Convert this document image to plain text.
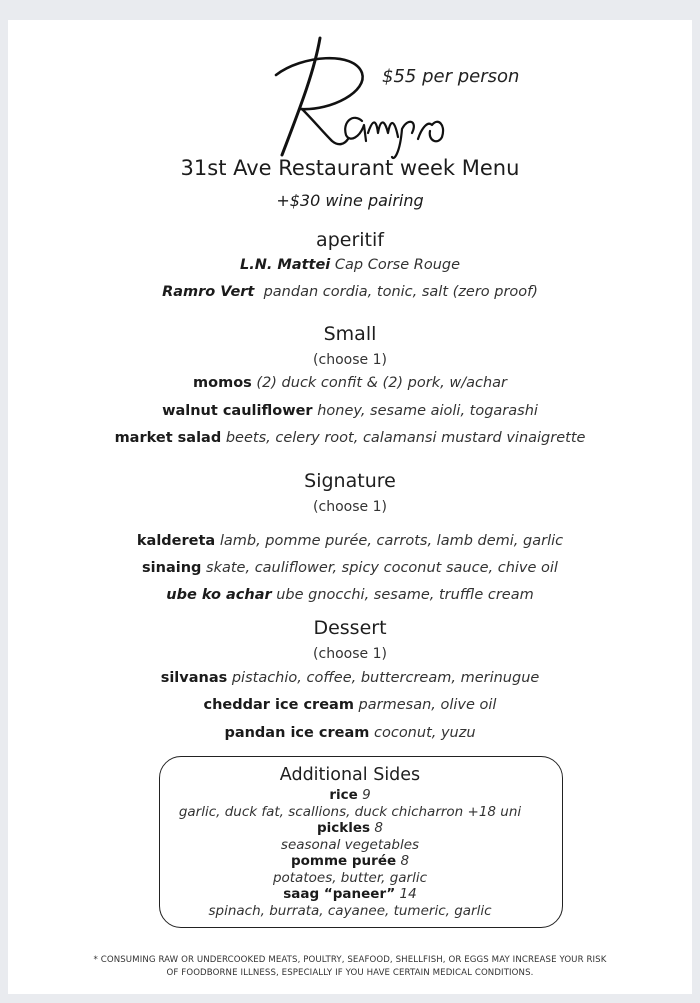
$55 per person
31st Ave Restaurant week Menu
+$30 wine pairing
aperitif
L.N. Mattei Cap Corse Rouge
Ramro Vert pandan cordia, tonic, salt (zero proof)
Small
(choose 1)
momos (2) duck confit & (2) pork, w/achar
walnut cauliflower honey, sesame aioli, togarashi
market salad beets, celery root, calamansi mustard vinaigrette
Signature
(choose 1)
kaldereta lamb, pomme purée, carrots, lamb demi, garlic
sinaing skate, cauliflower, spicy coconut sauce, chive oil
ube ko achar ube gnocchi, sesame, truffle cream
Dessert
(choose 1)
silvanas pistachio, coffee, buttercream, merinugue
cheddar ice cream parmesan, olive oil
pandan ice cream coconut, yuzu
Additional Sides
rice 9
garlic, duck fat, scallions, duck chicharron +18 uni
pickles 8
seasonal vegetables
pomme purée 8
potatoes, butter, garlic
saag “paneer” 14
spinach, burrata, cayanee, tumeric, garlic
* CONSUMING RAW OR UNDERCOOKED MEATS, POULTRY, SEAFOOD, SHELLFISH, OR EGGS MAY INCREASE YOUR RISK
OF FOODBORNE ILLNESS, ESPECIALLY IF YOU HAVE CERTAIN MEDICAL CONDITIONS.
